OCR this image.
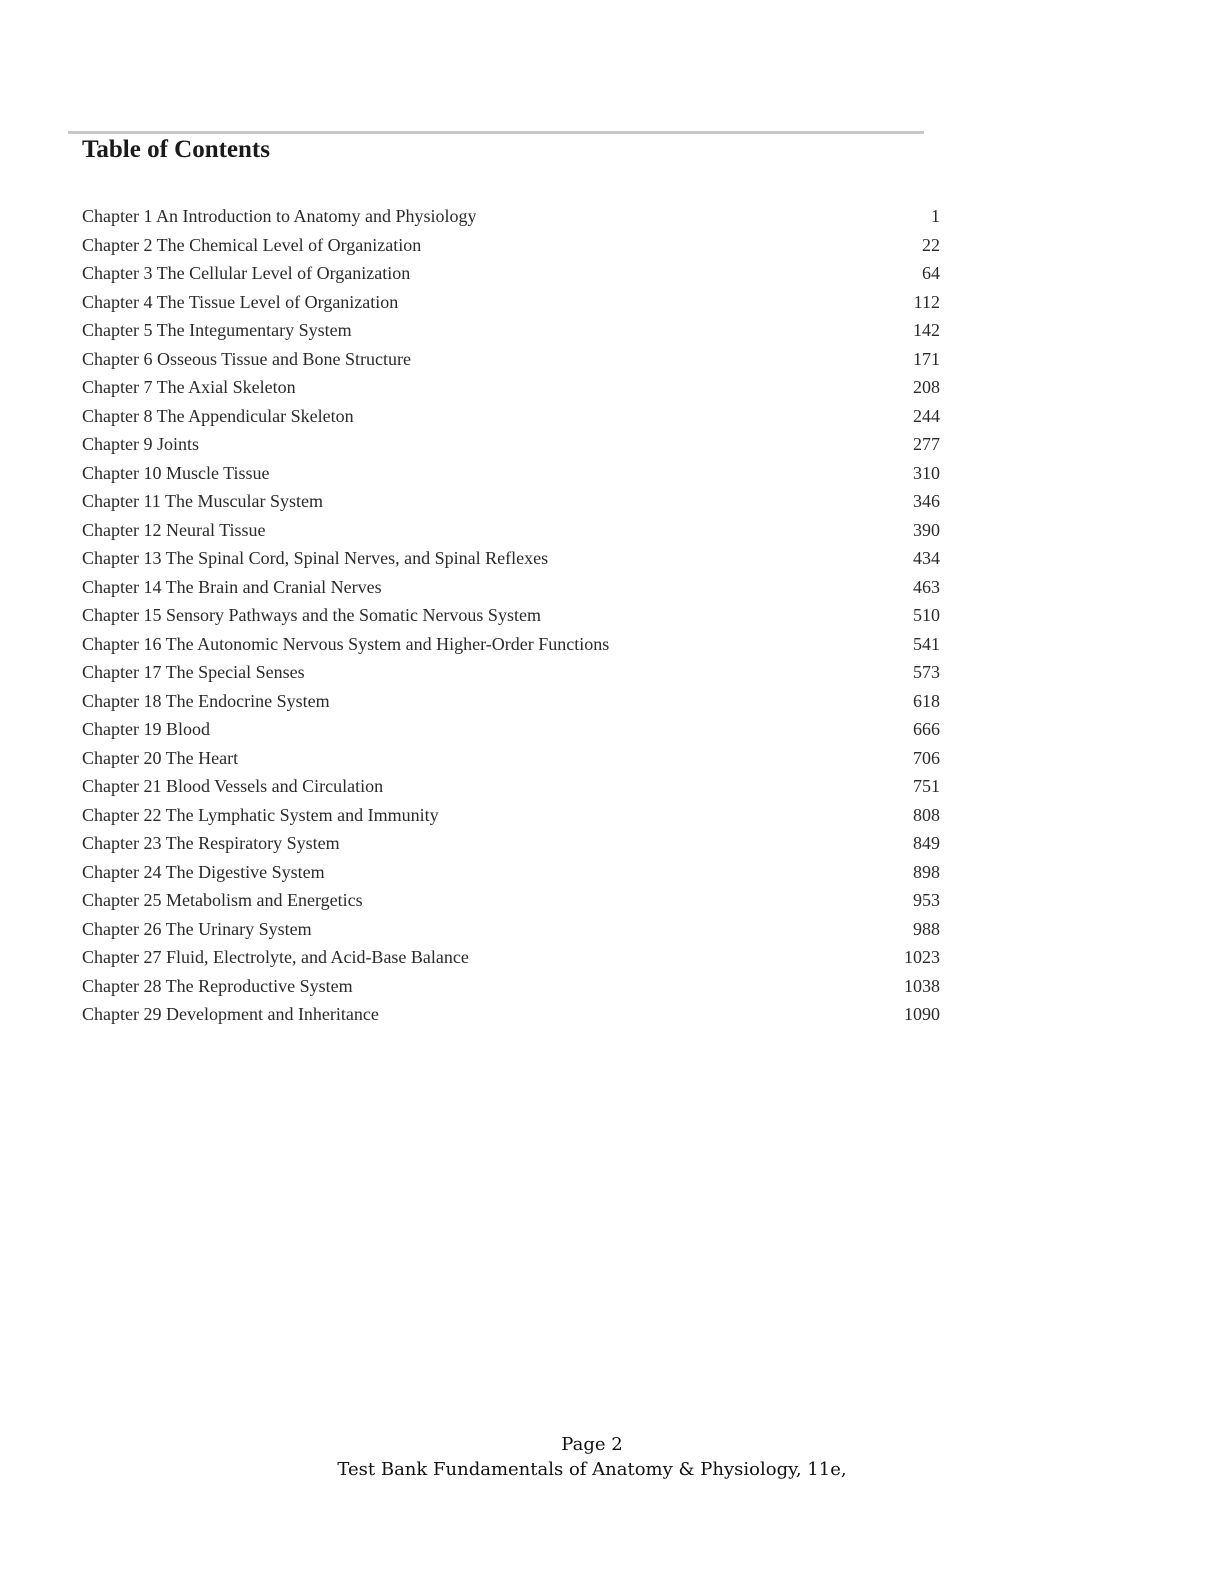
Table of Contents
Chapter 1 An Introduction to Anatomy and Physiology	1
Chapter 2 The Chemical Level of Organization	22
Chapter 3 The Cellular Level of Organization	64
Chapter 4 The Tissue Level of Organization	112
Chapter 5 The Integumentary System	142
Chapter 6 Osseous Tissue and Bone Structure	171
Chapter 7 The Axial Skeleton	208
Chapter 8 The Appendicular Skeleton	244
Chapter 9 Joints	277
Chapter 10 Muscle Tissue	310
Chapter 11 The Muscular System	346
Chapter 12 Neural Tissue	390
Chapter 13 The Spinal Cord, Spinal Nerves, and Spinal Reflexes	434
Chapter 14 The Brain and Cranial Nerves	463
Chapter 15 Sensory Pathways and the Somatic Nervous System	510
Chapter 16 The Autonomic Nervous System and Higher-Order Functions	541
Chapter 17 The Special Senses	573
Chapter 18 The Endocrine System	618
Chapter 19 Blood	666
Chapter 20 The Heart	706
Chapter 21 Blood Vessels and Circulation	751
Chapter 22 The Lymphatic System and Immunity	808
Chapter 23 The Respiratory System	849
Chapter 24 The Digestive System	898
Chapter 25 Metabolism and Energetics	953
Chapter 26 The Urinary System	988
Chapter 27 Fluid, Electrolyte, and Acid-Base Balance	1023
Chapter 28 The Reproductive System	1038
Chapter 29 Development and Inheritance	1090
Page 2
Test Bank Fundamentals of Anatomy & Physiology, 11e,
